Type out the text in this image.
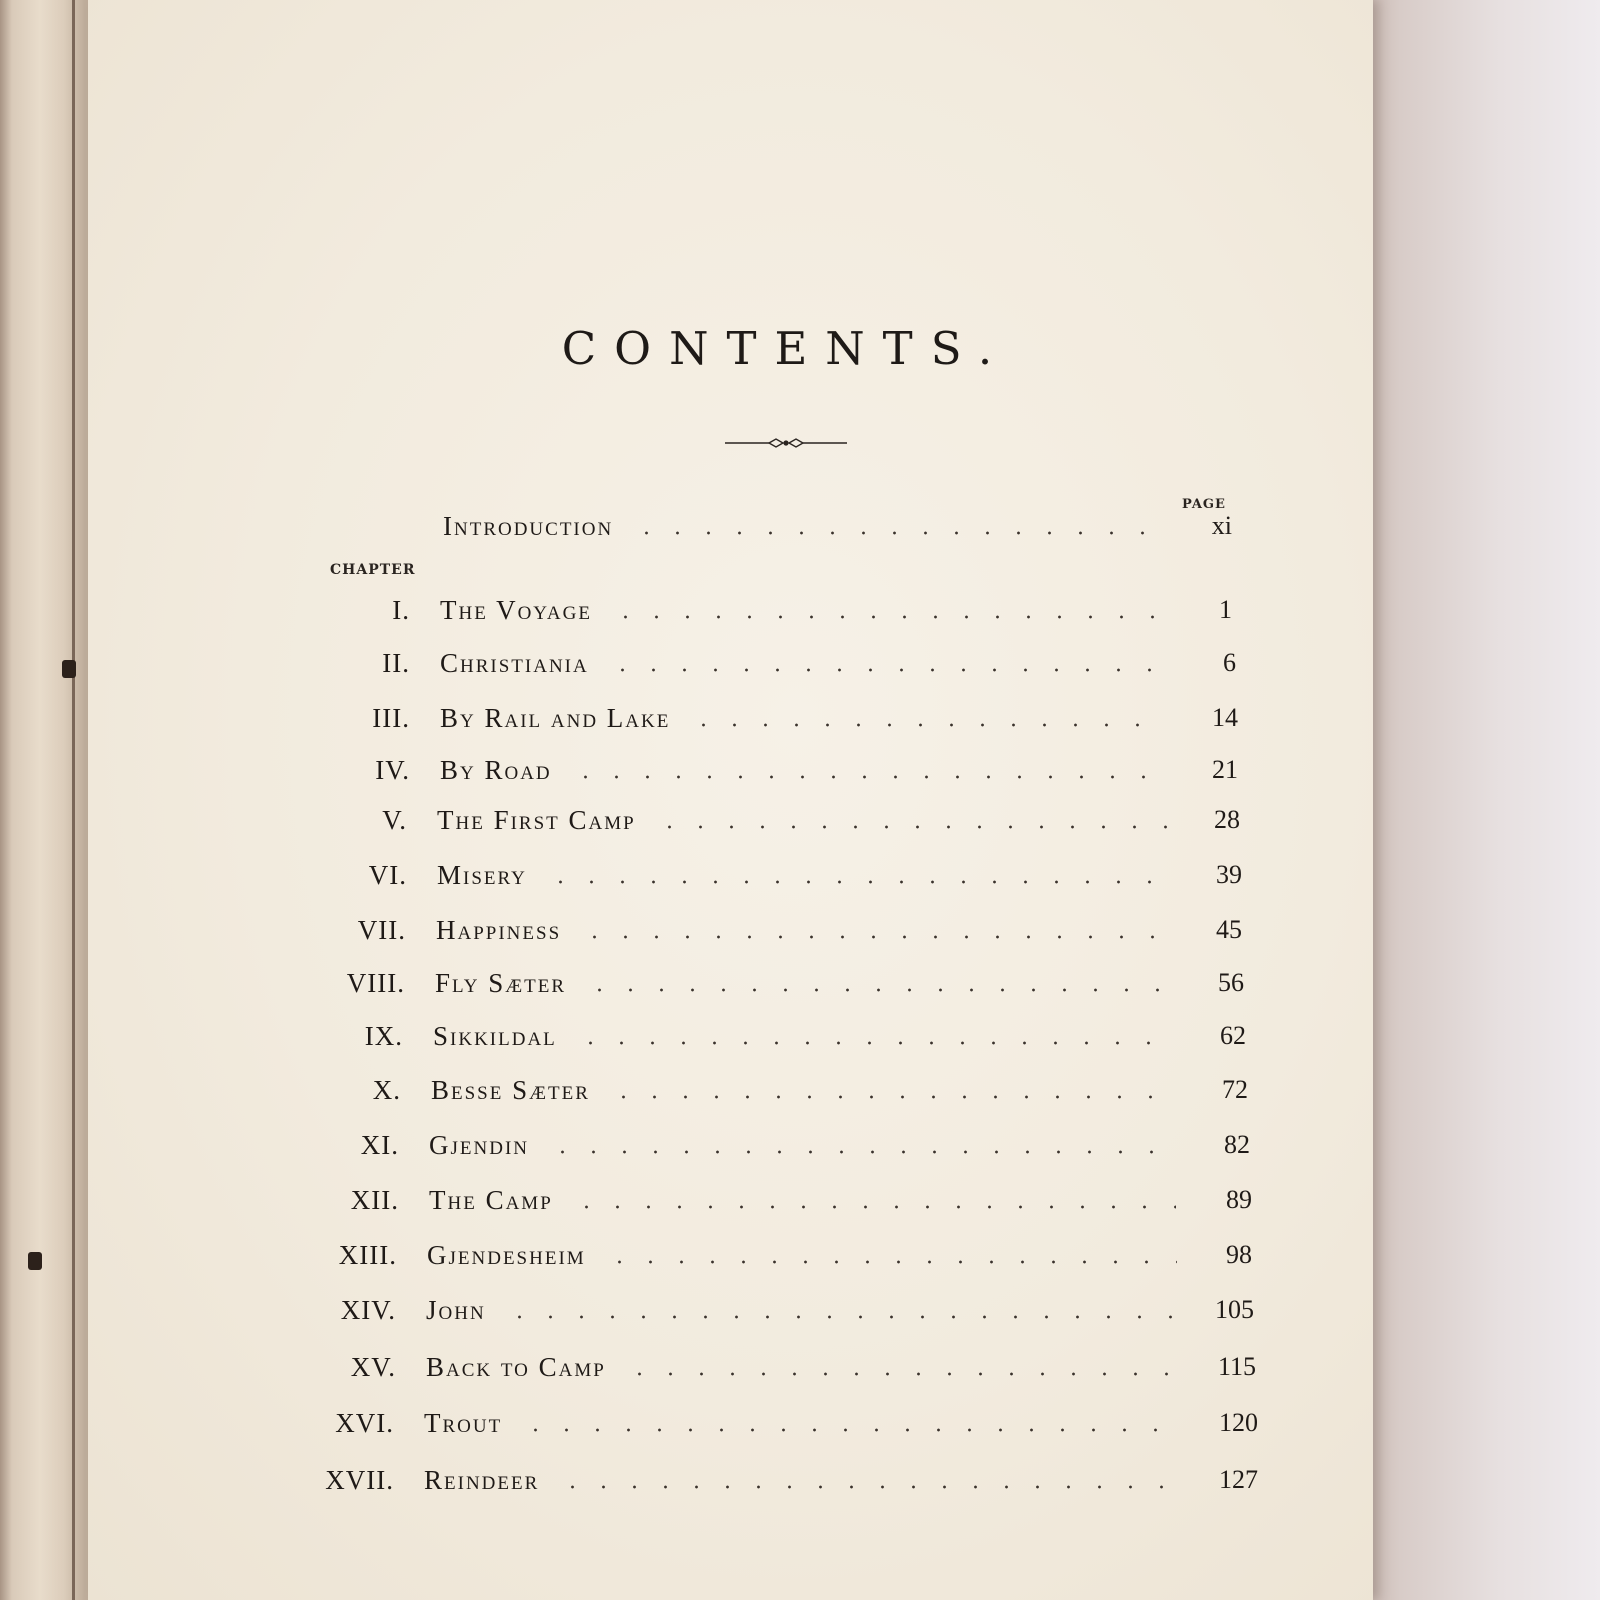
CONTENTS.
PAGE
CHAPTER
Introduction	xi
I. The Voyage	1
II. Christiania	6
III. By Rail and Lake	14
IV. By Road	21
V. The First Camp	28
VI. Misery	39
VII. Happiness	45
VIII. Fly Sæter	56
IX. Sikkildal	62
X. Besse Sæter	72
XI. Gjendin	82
XII. The Camp	89
XIII. Gjendesheim	98
XIV. John	105
XV. Back to Camp	115
XVI. Trout	120
XVII. Reindeer	127
